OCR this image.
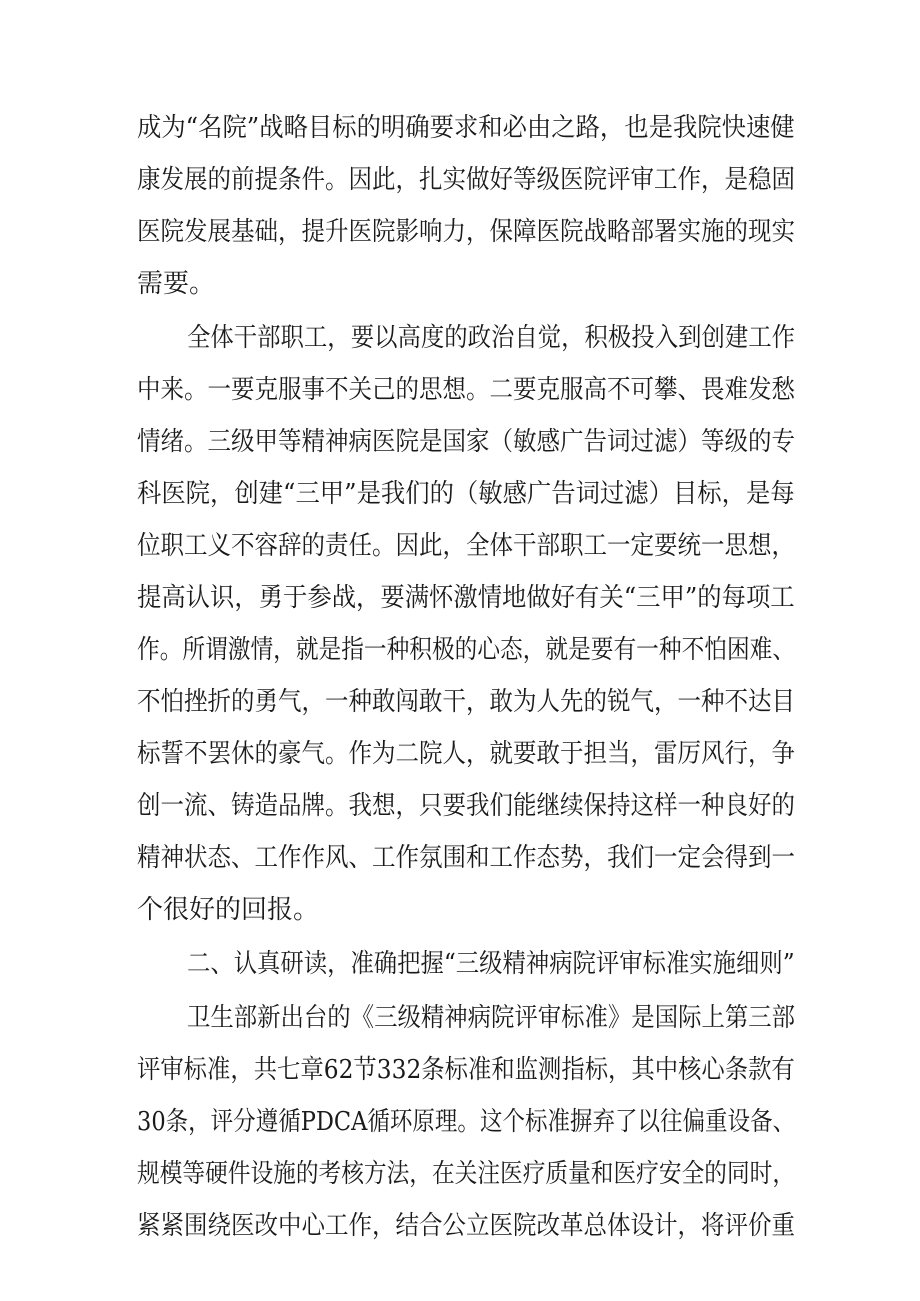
成为“名院”战略目标的明确要求和必由之路，也是我院快速健
康发展的前提条件。因此，扎实做好等级医院评审工作，是稳固
医院发展基础，提升医院影响力，保障医院战略部署实施的现实
需要。
全体干部职工，要以高度的政治自觉，积极投入到创建工作
中来。一要克服事不关己的思想。二要克服高不可攀、畏难发愁
情绪。三级甲等精神病医院是国家（敏感广告词过滤）等级的专
科医院，创建“三甲”是我们的（敏感广告词过滤）目标，是每
位职工义不容辞的责任。因此，全体干部职工一定要统一思想，
提高认识，勇于参战，要满怀激情地做好有关“三甲”的每项工
作。所谓激情，就是指一种积极的心态，就是要有一种不怕困难、
不怕挫折的勇气，一种敢闯敢干，敢为人先的锐气，一种不达目
标誓不罢休的豪气。作为二院人，就要敢于担当，雷厉风行，争
创一流、铸造品牌。我想，只要我们能继续保持这样一种良好的
精神状态、工作作风、工作氛围和工作态势，我们一定会得到一
个很好的回报。
二、认真研读，准确把握“三级精神病院评审标准实施细则”
卫生部新出台的《三级精神病院评审标准》是国际上第三部
评审标准，共七章62节332条标准和监测指标，其中核心条款有
30条，评分遵循PDCA循环原理。这个标准摒弃了以往偏重设备、
规模等硬件设施的考核方法，在关注医疗质量和医疗安全的同时，
紧紧围绕医改中心工作，结合公立医院改革总体设计，将评价重
